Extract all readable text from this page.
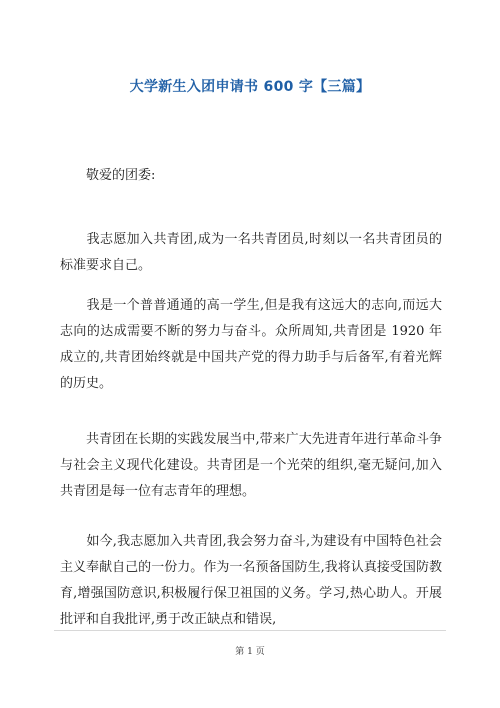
大学新生入团申请书 600 字【三篇】

　　敬爱的团委:

　　我志愿加入共青团,成为一名共青团员,时刻以一名共青团员的标准要求自己。

　　我是一个普普通通的高一学生,但是我有这远大的志向,而远大志向的达成需要不断的努力与奋斗。众所周知,共青团是 1920 年成立的,共青团始终就是中国共产党的得力助手与后备军,有着光辉的历史。

　　共青团在长期的实践发展当中,带来广大先进青年进行革命斗争与社会主义现代化建设。共青团是一个光荣的组织,毫无疑问,加入共青团是每一位有志青年的理想。

　　如今,我志愿加入共青团,我会努力奋斗,为建设有中国特色社会主义奉献自己的一份力。作为一名预备国防生,我将认真接受国防教育,增强国防意识,积极履行保卫祖国的义务。学习,热心助人。开展批评和自我批评,勇于改正缺点和错误,

第 1 页
